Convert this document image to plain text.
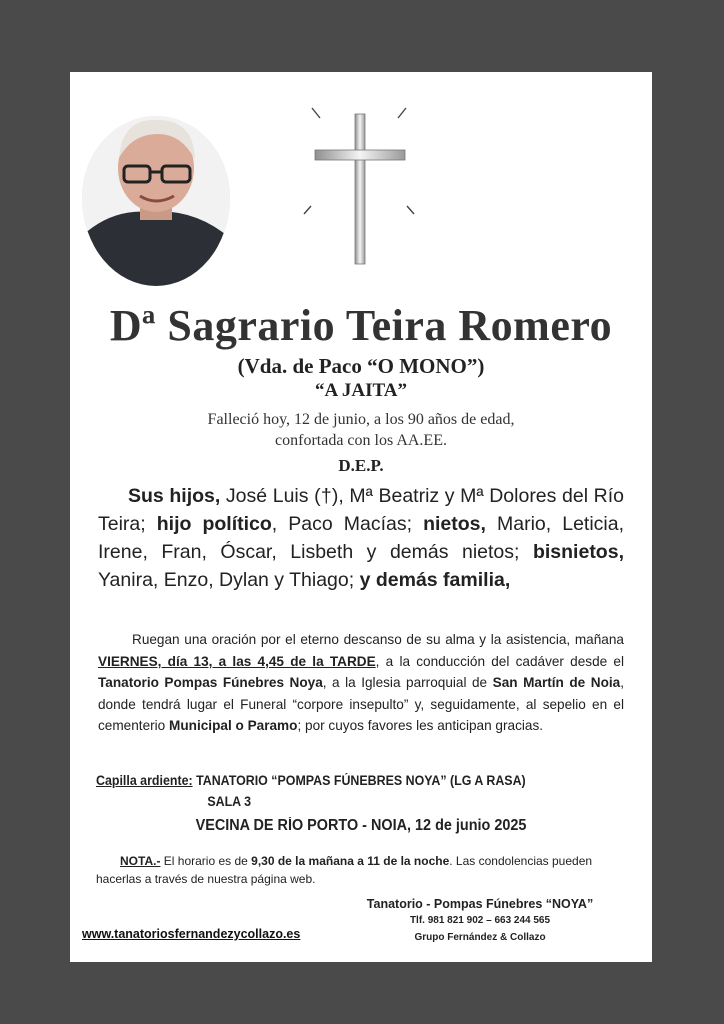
Dª Sagrario Teira Romero
(Vda. de Paco “O MONO”)
“A JAITA”
Falleció hoy, 12 de junio, a los 90 años de edad,
confortada con los AA.EE.
D.E.P.
Sus hijos, José Luis (†), Mª Beatriz y Mª Dolores del Río Teira; hijo político, Paco Macías; nietos, Mario, Leticia, Irene, Fran, Óscar, Lisbeth y demás nietos; bisnietos, Yanira, Enzo, Dylan y Thiago; y demás familia,
Ruegan una oración por el eterno descanso de su alma y la asistencia, mañana VIERNES, día 13, a las 4,45 de la TARDE, a la conducción del cadáver desde el Tanatorio Pompas Fúnebres Noya, a la Iglesia parroquial de San Martín de Noia, donde tendrá lugar el Funeral “corpore insepulto” y, seguidamente, al sepelio en el cementerio Municipal o Paramo; por cuyos favores les anticipan gracias.
Capilla ardiente: TANATORIO “POMPAS FÚNEBRES NOYA” (LG A RASA)
SALA 3
VECINA DE RÍO PORTO - NOIA, 12 de junio 2025
NOTA.- El horario es de 9,30 de la mañana a 11 de la noche. Las condolencias pueden hacerlas a través de nuestra página web.
Tanatorio - Pompas Fúnebres “NOYA”
Tlf. 981 821 902 – 663 244 565
Grupo Fernández & Collazo
www.tanatoriosfernandezycollazo.es
